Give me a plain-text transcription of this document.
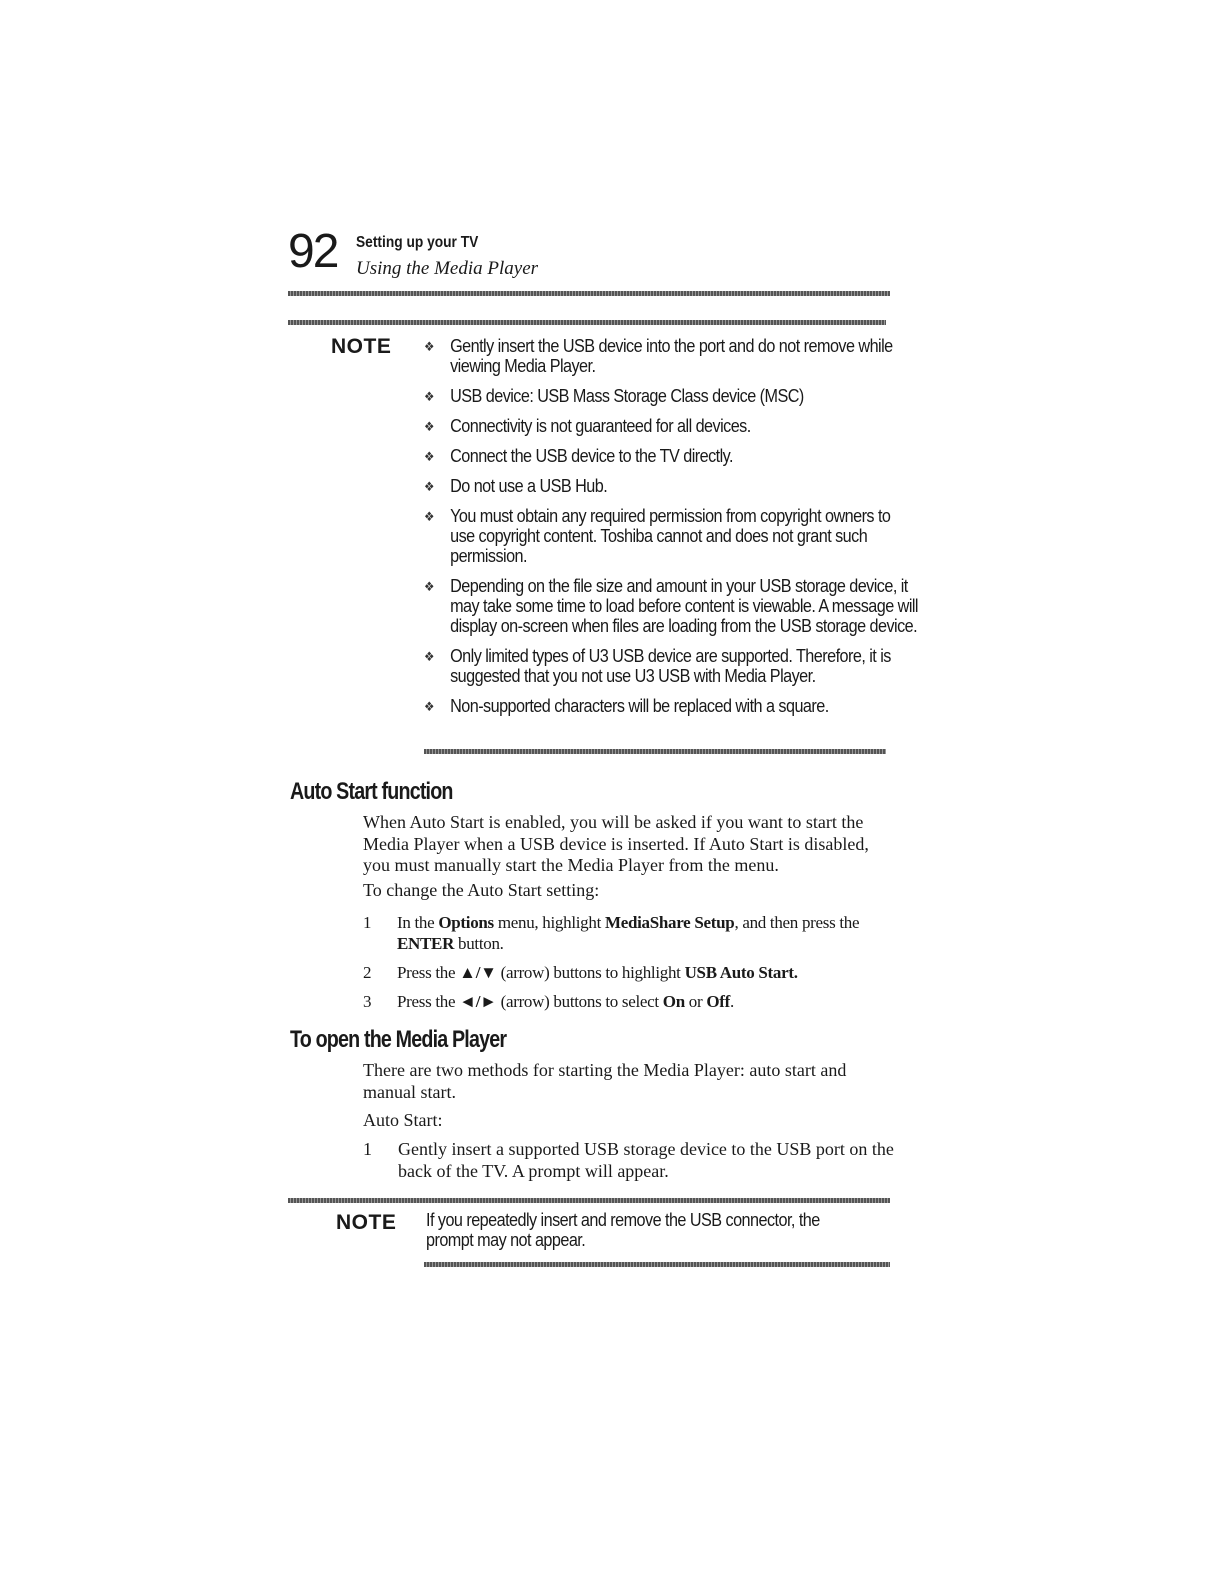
92 Setting up your TV
Using the Media Player
NOTE	❖ Gently insert the USB device into the port and do not remove while viewing Media Player.
❖ USB device: USB Mass Storage Class device (MSC)
❖ Connectivity is not guaranteed for all devices.
❖ Connect the USB device to the TV directly.
❖ Do not use a USB Hub.
❖ You must obtain any required permission from copyright owners to use copyright content. Toshiba cannot and does not grant such permission.
❖ Depending on the file size and amount in your USB storage device, it may take some time to load before content is viewable. A message will display on-screen when files are loading from the USB storage device.
❖ Only limited types of U3 USB device are supported. Therefore, it is suggested that you not use U3 USB with Media Player.
❖ Non-supported characters will be replaced with a square.
Auto Start function
When Auto Start is enabled, you will be asked if you want to start the Media Player when a USB device is inserted. If Auto Start is disabled, you must manually start the Media Player from the menu.
To change the Auto Start setting:
1 In the Options menu, highlight MediaShare Setup, and then press the ENTER button.
2 Press the ▲/▼ (arrow) buttons to highlight USB Auto Start.
3 Press the ◄/► (arrow) buttons to select On or Off.
To open the Media Player
There are two methods for starting the Media Player: auto start and manual start.
Auto Start:
1 Gently insert a supported USB storage device to the USB port on the back of the TV. A prompt will appear.
NOTE If you repeatedly insert and remove the USB connector, the prompt may not appear.
